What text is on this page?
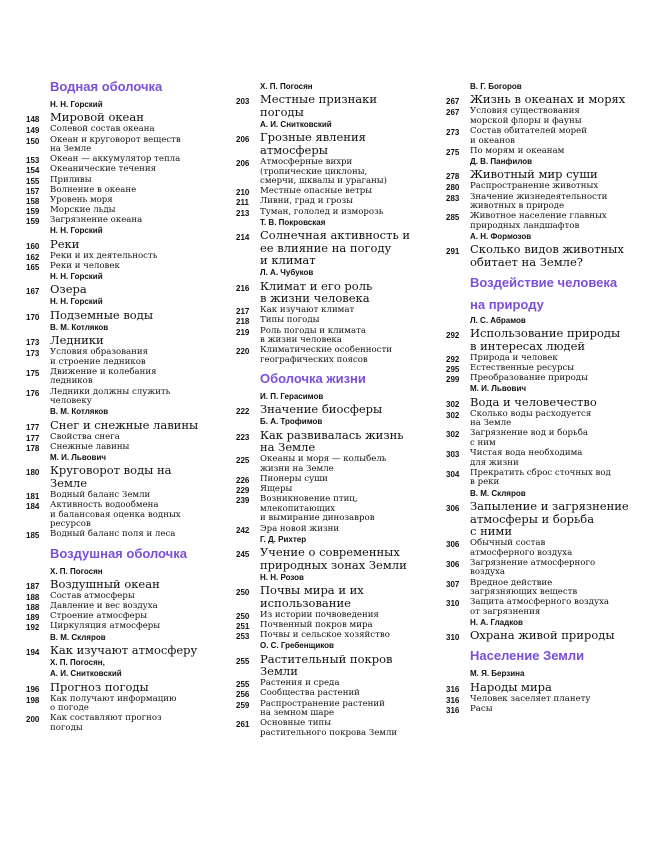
Водная оболочка
Н. Н. Горский
148 Мировой океан
149 Солевой состав океана
150 Океан и круговорот веществ
на Земле
153 Океан — аккумулятор тепла
154 Океанические течения
155 Приливы
157 Волнение в океане
158 Уровень моря
159 Морские льды
159 Загрязнение океана
Н. Н. Горский
160 Реки
162 Реки и их деятельность
165 Реки и человек
Н. Н. Горский
167 Озера
Н. Н. Горский
170 Подземные воды
В. М. Котляков
173 Ледники
173 Условия образования
и строение ледников
175 Движение и колебания
ледников
176 Ледники должны служить
человеку
В. М. Котляков
177 Снег и снежные лавины
177 Свойства снега
178 Снежные лавины
М. И. Львович
180 Круговорот воды на
Земле
181 Водный баланс Земли
184 Активность водообмена
и балансовая оценка водных
ресурсов
185 Водный баланс поля и леса
Воздушная оболочка
Х. П. Погосян
187 Воздушный океан
188 Состав атмосферы
188 Давление и вес воздуха
189 Строение атмосферы
192 Циркуляция атмосферы
В. М. Скляров
194 Как изучают атмосферу
Х. П. Погосян,
А. И. Снитковский
196 Прогноз погоды
198 Как получают информацию
о погоде
200 Как составляют прогноз
погоды
Х. П. Погосян
203 Местные признаки
погоды
А. И. Снитковский
206 Грозные явления
атмосферы
206 Атмосферные вихри
(тропические циклоны,
смерчи, шквалы и ураганы)
210 Местные опасные ветры
211 Ливни, град и грозы
213 Туман, гололед и изморозь
Т. В. Покровская
214 Солнечная активность и
ее влияние на погоду
и климат
Л. А. Чубуков
216 Климат и его роль
в жизни человека
217 Как изучают климат
218 Типы погоды
219 Роль погоды и климата
в жизни человека
220 Климатические особенности
географических поясов
Оболочка жизни
И. П. Герасимов
222 Значение биосферы
Б. А. Трофимов
223 Как развивалась жизнь
на Земле
225 Океаны и моря — колыбель
жизни на Земле
226 Пионеры суши
229 Ящеры
239 Возникновение птиц,
млекопитающих
и вымирание динозавров
242 Эра новой жизни
Г. Д. Рихтер
245 Учение о современных
природных зонах Земли
Н. Н. Розов
250 Почвы мира и их
использование
250 Из истории почвоведения
251 Почвенный покров мира
253 Почвы и сельское хозяйство
О. С. Гребенщиков
255 Растительный покров
Земли
255 Растения и среда
256 Сообщества растений
259 Распространение растений
на земном шаре
261 Основные типы
растительного покрова Земли
В. Г. Богоров
267 Жизнь в океанах и морях
267 Условия существования
морской флоры и фауны
273 Состав обитателей морей
и океанов
275 По морям и океанам
Д. В. Панфилов
278 Животный мир суши
280 Распространение животных
283 Значение жизнедеятельности
животных в природе
285 Животное население главных
природных ландшафтов
А. Н. Формозов
291 Сколько видов животных
обитает на Земле?
Воздействие человека
на природу
Л. С. Абрамов
292 Использование природы
в интересах людей
292 Природа и человек
295 Естественные ресурсы
299 Преобразование природы
М. И. Львович
302 Вода и человечество
302 Сколько воды расходуется
на Земле
302 Загрязнение вод и борьба
с ним
303 Чистая вода необходима
для жизни
304 Прекратить сброс сточных вод
в реки
В. М. Скляров
306 Запыление и загрязнение
атмосферы и борьба
с ними
306 Обычный состав
атмосферного воздуха
306 Загрязнение атмосферного
воздуха
307 Вредное действие
загрязняющих веществ
310 Защита атмосферного воздуха
от загрязнения
Н. А. Гладков
310 Охрана живой природы
Население Земли
М. Я. Берзина
316 Народы мира
316 Человек заселяет планету
316 Расы
